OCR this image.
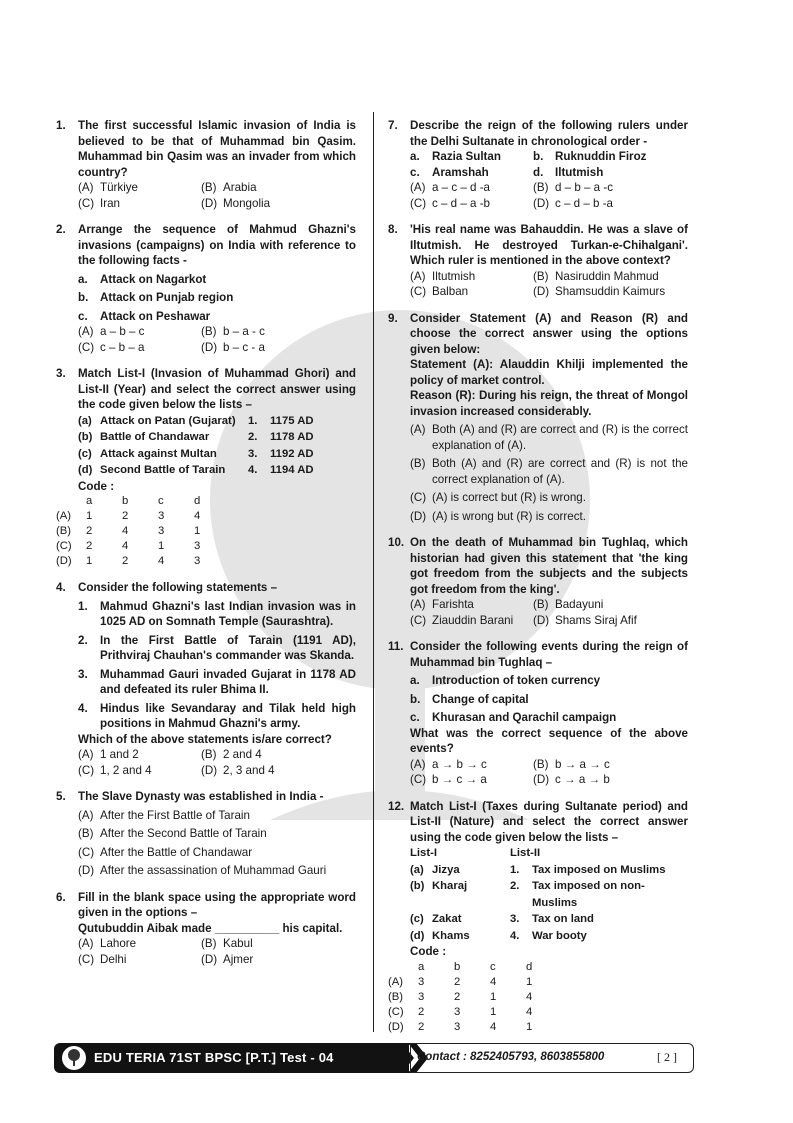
1.	The first successful Islamic invasion of India is believed to be that of Muhammad bin Qasim. Muhammad bin Qasim was an invader from which country?
(A) Türkiye	(B) Arabia
(C) Iran	(D) Mongolia
2.	Arrange the sequence of Mahmud Ghazni's invasions (campaigns) on India with reference to the following facts -
a.	Attack on Nagarkot
b.	Attack on Punjab region
c.	Attack on Peshawar
(A) a – b – c	(B) b – a - c
(C) c – b – a	(D) b – c - a
3.	Match List-I (Invasion of Muhammad Ghori) and List-II (Year) and select the correct answer using the code given below the lists –
(a) Attack on Patan (Gujarat) 1.	1175 AD
(b) Battle of Chandawar	2.	1178 AD
(c) Attack against Multan	3.	1192 AD
(d) Second Battle of Tarain 4.	1194 AD
Code :
	a	b	c	d
(A)	1	2	3	4
(B)	2	4	3	1
(C)	2	4	1	3
(D)	1	2	4	3
4.	Consider the following statements –
1.	Mahmud Ghazni's last Indian invasion was in 1025 AD on Somnath Temple (Saurashtra).
2.	In the First Battle of Tarain (1191 AD), Prithviraj Chauhan's commander was Skanda.
3.	Muhammad Gauri invaded Gujarat in 1178 AD and defeated its ruler Bhima II.
4.	Hindus like Sevandaray and Tilak held high positions in Mahmud Ghazni's army.
Which of the above statements is/are correct?
(A) 1 and 2	(B) 2 and 4
(C) 1, 2 and 4	(D) 2, 3 and 4
5.	The Slave Dynasty was established in India -
(A) After the First Battle of Tarain
(B) After the Second Battle of Tarain
(C) After the Battle of Chandawar
(D) After the assassination of Muhammad Gauri
6.	Fill in the blank space using the appropriate word given in the options –
Qutubuddin Aibak made __________ his capital.
(A) Lahore	(B) Kabul
(C) Delhi	(D) Ajmer
7.	Describe the reign of the following rulers under the Delhi Sultanate in chronological order -
a.	Razia Sultan	b.	Ruknuddin Firoz
c.	Aramshah	d.	Iltutmish
(A) a – c – d -a	(B) d – b – a -c
(C) c – d – a -b	(D) c – d – b -a
8.	'His real name was Bahauddin. He was a slave of Iltutmish. He destroyed Turkan-e-Chihalgani'. Which ruler is mentioned in the above context?
(A) Iltutmish	(B) Nasiruddin Mahmud
(C) Balban	(D) Shamsuddin Kaimurs
9.	Consider Statement (A) and Reason (R) and choose the correct answer using the options given below:
Statement (A): Alauddin Khilji implemented the policy of market control.
Reason (R): During his reign, the threat of Mongol invasion increased considerably.
(A) Both (A) and (R) are correct and (R) is the correct explanation of (A).
(B) Both (A) and (R) are correct and (R) is not the correct explanation of (A).
(C) (A) is correct but (R) is wrong.
(D) (A) is wrong but (R) is correct.
10. On the death of Muhammad bin Tughlaq, which historian had given this statement that 'the king got freedom from the subjects and the subjects got freedom from the king'.
(A) Farishta	(B) Badayuni
(C) Ziauddin Barani (D) Shams Siraj Afif
11. Consider the following events during the reign of Muhammad bin Tughlaq –
a.	Introduction of token currency
b.	Change of capital
c.	Khurasan and Qarachil campaign
What was the correct sequence of the above events?
(A) a → b → c	(B) b → a → c
(C) b → c → a	(D) c → a → b
12. Match List-I (Taxes during Sultanate period) and List-II (Nature) and select the correct answer using the code given below the lists –
List-I	List-II
(a) Jizya	1.	Tax imposed on Muslims
(b) Kharaj	2.	Tax imposed on non-Muslims
(c) Zakat	3.	Tax on land
(d) Khams	4.	War booty
Code :
	a	b	c	d
(A)	3	2	4	1
(B)	3	2	1	4
(C)	2	3	1	4
(D)	2	3	4	1
EDU TERIA 71ST BPSC [P.T.] Test - 04	Contact : 8252405793, 8603855800	[ 2 ]
